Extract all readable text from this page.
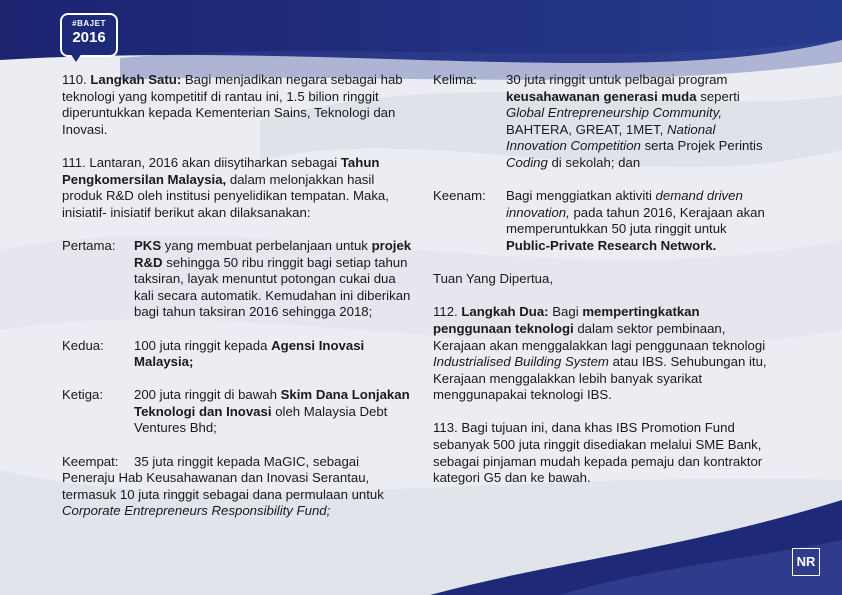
#BAJET
2016

110. Langkah Satu: Bagi menjadikan negara sebagai hab teknologi yang kompetitif di rantau ini, 1.5 bilion ringgit diperuntukkan kepada Kementerian Sains, Teknologi dan Inovasi.

111. Lantaran, 2016 akan diisytiharkan sebagai Tahun Pengkomersilan Malaysia, dalam melonjakkan hasil produk R&D oleh institusi penyelidikan tempatan. Maka, inisiatif- inisiatif berikut akan dilaksanakan:

Pertama:	PKS yang membuat perbelanjaan untuk projek R&D sehingga 50 ribu ringgit bagi setiap tahun taksiran, layak menuntut potongan cukai dua kali secara automatik. Kemudahan ini diberikan bagi tahun taksiran 2016 sehingga 2018;
Kedua:	100 juta ringgit kepada Agensi Inovasi Malaysia;
Ketiga:	200 juta ringgit di bawah Skim Dana Lonjakan Teknologi dan Inovasi oleh Malaysia Debt Ventures Bhd;

Keempat: 35 juta ringgit kepada MaGIC, sebagai Peneraju Hab Keusahawanan dan Inovasi Serantau, termasuk 10 juta ringgit sebagai dana permulaan untuk Corporate Entrepreneurs Responsibility Fund;

Kelima:	30 juta ringgit untuk pelbagai program keusahawanan generasi muda seperti Global Entrepreneurship Community, BAHTERA, GREAT, 1MET, National Innovation Competition serta Projek Perintis Coding di sekolah; dan
Keenam:	Bagi menggiatkan aktiviti demand driven innovation, pada tahun 2016, Kerajaan akan memperuntukkan 50 juta ringgit untuk Public-Private Research Network.

Tuan Yang Dipertua,

112. Langkah Dua: Bagi mempertingkatkan penggunaan teknologi dalam sektor pembinaan, Kerajaan akan menggalakkan lagi penggunaan teknologi Industrialised Building System atau IBS. Sehubungan itu, Kerajaan menggalakkan lebih banyak syarikat menggunapakai teknologi IBS.

113. Bagi tujuan ini, dana khas IBS Promotion Fund sebanyak 500 juta ringgit disediakan melalui SME Bank, sebagai pinjaman mudah kepada pemaju dan kontraktor kategori G5 dan ke bawah.

NR
